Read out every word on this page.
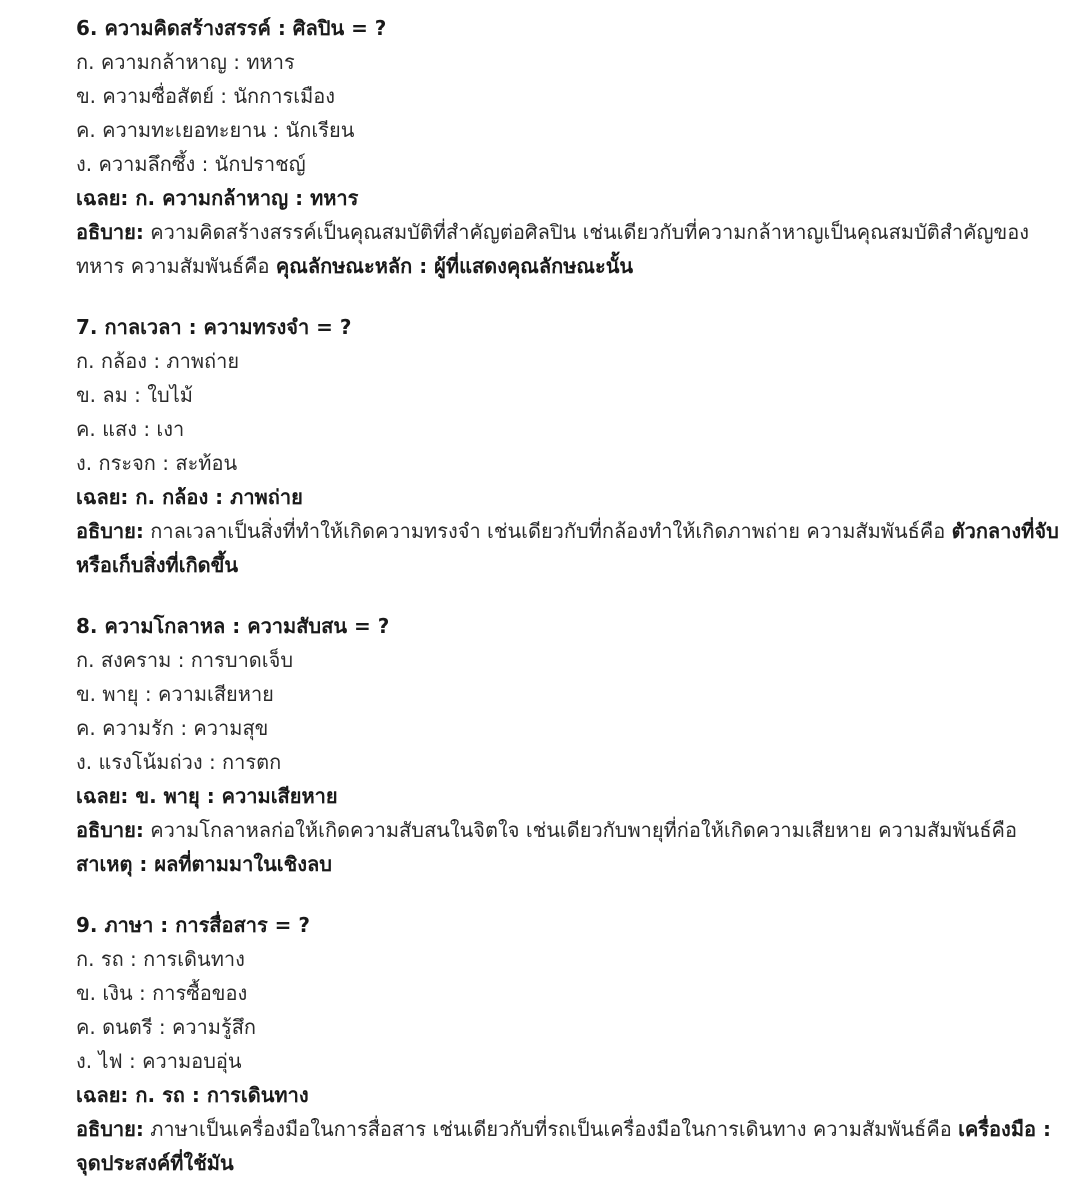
6. ความคิดสร้างสรรค์ : ศิลปิน = ?
ก. ความกล้าหาญ : ทหาร
ข. ความซื่อสัตย์ : นักการเมือง
ค. ความทะเยอทะยาน : นักเรียน
ง. ความลึกซึ้ง : นักปราชญ์
เฉลย: ก. ความกล้าหาญ : ทหาร
อธิบาย: ความคิดสร้างสรรค์เป็นคุณสมบัติที่สำคัญต่อศิลปิน เช่นเดียวกับที่ความกล้าหาญเป็นคุณสมบัติสำคัญของทหาร ความสัมพันธ์คือ คุณลักษณะหลัก : ผู้ที่แสดงคุณลักษณะนั้น
7. กาลเวลา : ความทรงจำ = ?
ก. กล้อง : ภาพถ่าย
ข. ลม : ใบไม้
ค. แสง : เงา
ง. กระจก : สะท้อน
เฉลย: ก. กล้อง : ภาพถ่าย
อธิบาย: กาลเวลาเป็นสิ่งที่ทำให้เกิดความทรงจำ เช่นเดียวกับที่กล้องทำให้เกิดภาพถ่าย ความสัมพันธ์คือ ตัวกลางที่จับหรือเก็บสิ่งที่เกิดขึ้น
8. ความโกลาหล : ความสับสน = ?
ก. สงคราม : การบาดเจ็บ
ข. พายุ : ความเสียหาย
ค. ความรัก : ความสุข
ง. แรงโน้มถ่วง : การตก
เฉลย: ข. พายุ : ความเสียหาย
อธิบาย: ความโกลาหลก่อให้เกิดความสับสนในจิตใจ เช่นเดียวกับพายุที่ก่อให้เกิดความเสียหาย ความสัมพันธ์คือ สาเหตุ : ผลที่ตามมาในเชิงลบ
9. ภาษา : การสื่อสาร = ?
ก. รถ : การเดินทาง
ข. เงิน : การซื้อของ
ค. ดนตรี : ความรู้สึก
ง. ไฟ : ความอบอุ่น
เฉลย: ก. รถ : การเดินทาง
อธิบาย: ภาษาเป็นเครื่องมือในการสื่อสาร เช่นเดียวกับที่รถเป็นเครื่องมือในการเดินทาง ความสัมพันธ์คือ เครื่องมือ : จุดประสงค์ที่ใช้มัน
